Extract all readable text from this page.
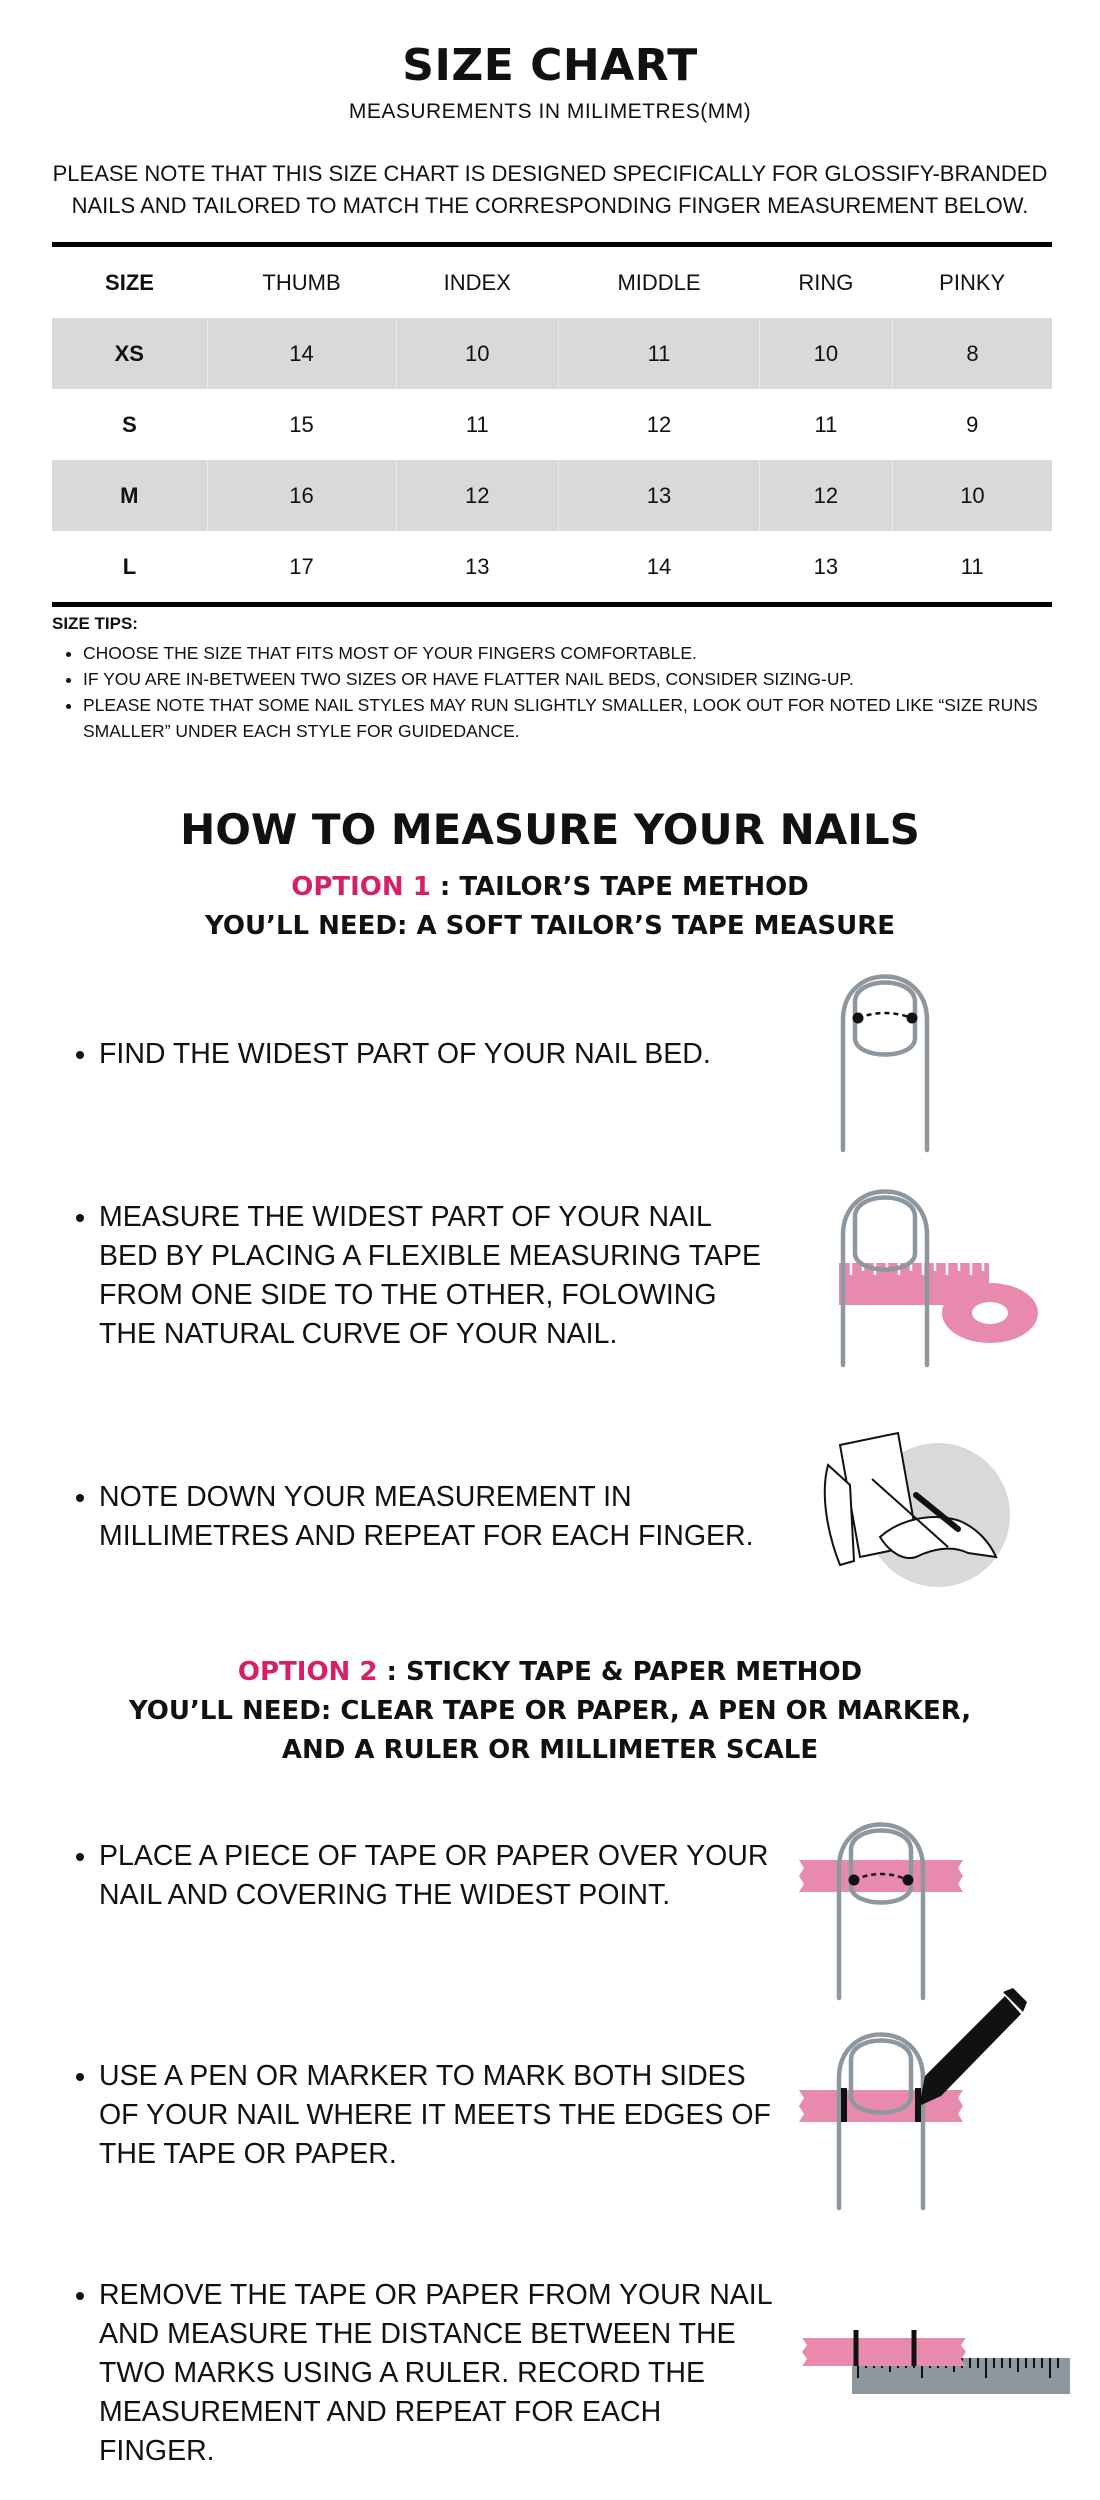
SIZE CHART
MEASUREMENTS IN MILIMETRES(MM)
PLEASE NOTE THAT THIS SIZE CHART IS DESIGNED SPECIFICALLY FOR GLOSSIFY-BRANDED NAILS AND TAILORED TO MATCH THE CORRESPONDING FINGER MEASUREMENT BELOW.
SIZE	THUMB	INDEX	MIDDLE	RING	PINKY
XS	14	10	11	10	8
S	15	11	12	11	9
M	16	12	13	12	10
L	17	13	14	13	11
SIZE TIPS:
• CHOOSE THE SIZE THAT FITS MOST OF YOUR FINGERS COMFORTABLE.
• IF YOU ARE IN-BETWEEN TWO SIZES OR HAVE FLATTER NAIL BEDS, CONSIDER SIZING-UP.
• PLEASE NOTE THAT SOME NAIL STYLES MAY RUN SLIGHTLY SMALLER, LOOK OUT FOR NOTED LIKE “SIZE RUNS SMALLER” UNDER EACH STYLE FOR GUIDEDANCE.
HOW TO MEASURE YOUR NAILS
OPTION 1 : TAILOR’S TAPE METHOD
YOU’LL NEED: A SOFT TAILOR’S TAPE MEASURE
• FIND THE WIDEST PART OF YOUR NAIL BED.
• MEASURE THE WIDEST PART OF YOUR NAIL BED BY PLACING A FLEXIBLE MEASURING TAPE FROM ONE SIDE TO THE OTHER, FOLOWING THE NATURAL CURVE OF YOUR NAIL.
• NOTE DOWN YOUR MEASUREMENT IN MILLIMETRES AND REPEAT FOR EACH FINGER.
OPTION 2 : STICKY TAPE & PAPER METHOD
YOU’LL NEED: CLEAR TAPE OR PAPER, A PEN OR MARKER,
AND A RULER OR MILLIMETER SCALE
• PLACE A PIECE OF TAPE OR PAPER OVER YOUR NAIL AND COVERING THE WIDEST POINT.
• USE A PEN OR MARKER TO MARK BOTH SIDES OF YOUR NAIL WHERE IT MEETS THE EDGES OF THE TAPE OR PAPER.
• REMOVE THE TAPE OR PAPER FROM YOUR NAIL AND MEASURE THE DISTANCE BETWEEN THE TWO MARKS USING A RULER. RECORD THE MEASUREMENT AND REPEAT FOR EACH FINGER.
